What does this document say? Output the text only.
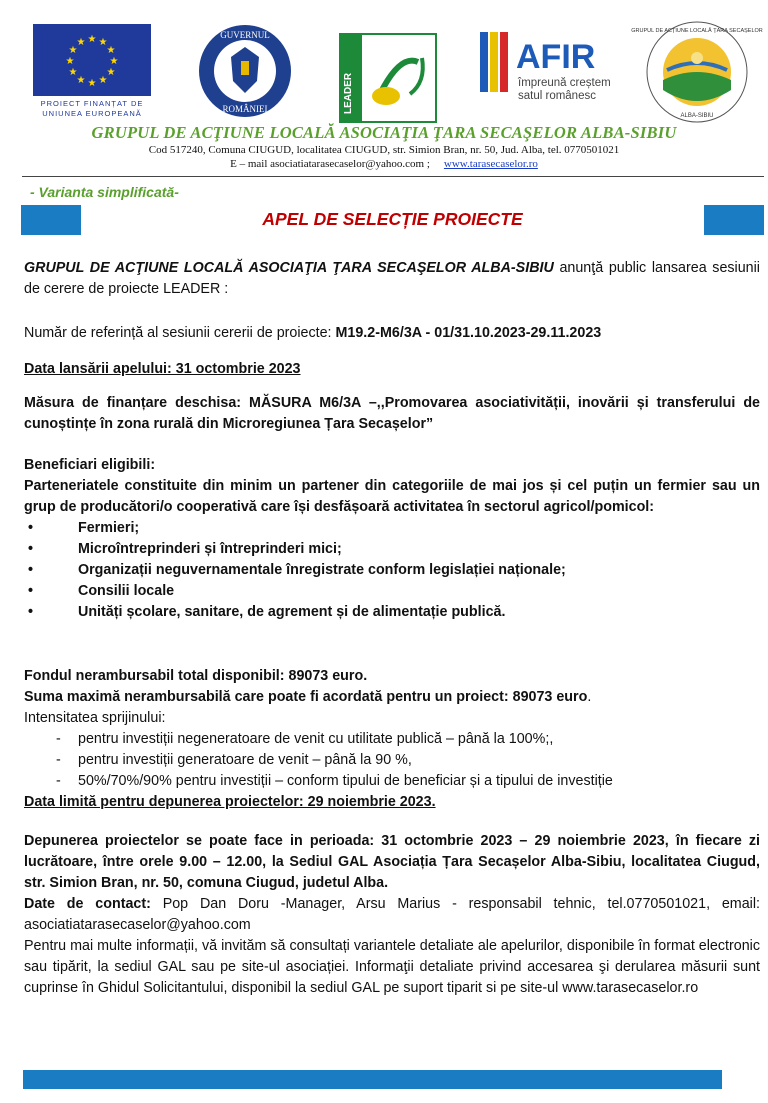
★ ★
★
★
★
★
★
★
★
★
★
★
PROIECT FINANȚAT DE
UNIUNEA EUROPEANĂ
GUVERNUL
ROMÂNIEI	LEADER
AFIR
împreună creștem
satul românesc
GRUPUL DE ACȚIUNE LOCALĂ ȚARA SECAȘELOR
ALBA-SIBIU
GRUPUL DE ACŢIUNE LOCALĂ ASOCIAŢIA ŢARA SECAŞELOR ALBA-SIBIU
Cod 517240, Comuna CIUGUD, localitatea CIUGUD, str. Simion Bran, nr. 50, Jud. Alba, tel. 0770501021
E – mail asociatiatarasecaselor@yahoo.com ; www.tarasecaselor.ro
- Varianta simplificată-
APEL DE SELECȚIE PROIECTE
GRUPUL DE ACŢIUNE LOCALĂ ASOCIAŢIA ŢARA SECAŞELOR ALBA-SIBIU anunţă public lansarea sesiunii de cerere de proiecte LEADER :
Număr de referință al sesiunii cererii de proiecte: M19.2-M6/3A - 01/31.10.2023-29.11.2023
Data lansării apelului: 31 octombrie 2023
Măsura de finanțare deschisa: MĂSURA M6/3A –,,Promovarea asociativității, inovării și transferului de cunoștințe în zona rurală din Microregiunea Țara Secașelor”
Beneficiari eligibili:
Parteneriatele constituite din minim un partener din categoriile de mai jos și cel puțin un fermier sau un grup de producători/o cooperativă care își desfășoară activitatea în sectorul agricol/pomicol:
• Fermieri;
• Microîntreprinderi și întreprinderi mici;
• Organizații neguvernamentale înregistrate conform legislației naționale;
• Consilii locale
• Unități școlare, sanitare, de agrement și de alimentație publică.
Fondul nerambursabil total disponibil: 89073 euro.
Suma maximă nerambursabilă care poate fi acordată pentru un proiect: 89073 euro.
Intensitatea sprijinului:
- pentru investiții negeneratoare de venit cu utilitate publică – până la 100%;,
- pentru investiții generatoare de venit – până la 90 %,
- 50%/70%/90% pentru investiții – conform tipului de beneficiar și a tipului de investiție
Data limită pentru depunerea proiectelor: 29 noiembrie 2023.
Depunerea proiectelor se poate face in perioada: 31 octombrie 2023 – 29 noiembrie 2023, în fiecare zi lucrătoare, între orele 9.00 – 12.00, la Sediul GAL Asociația Țara Secașelor Alba-Sibiu, localitatea Ciugud, str. Simion Bran, nr. 50, comuna Ciugud, judetul Alba.
Date de contact: Pop Dan Doru -Manager, Arsu Marius - responsabil tehnic, tel.0770501021, email: asociatiatarasecaselor@yahoo.com
Pentru mai multe informații, vă invităm să consultați variantele detaliate ale apelurilor, disponibile în format electronic sau tipărit, la sediul GAL sau pe site-ul asociației. Informaţii detaliate privind accesarea şi derularea măsurii sunt cuprinse în Ghidul Solicitantului, disponibil la sediul GAL pe suport tiparit si pe site-ul www.tarasecaselor.ro
